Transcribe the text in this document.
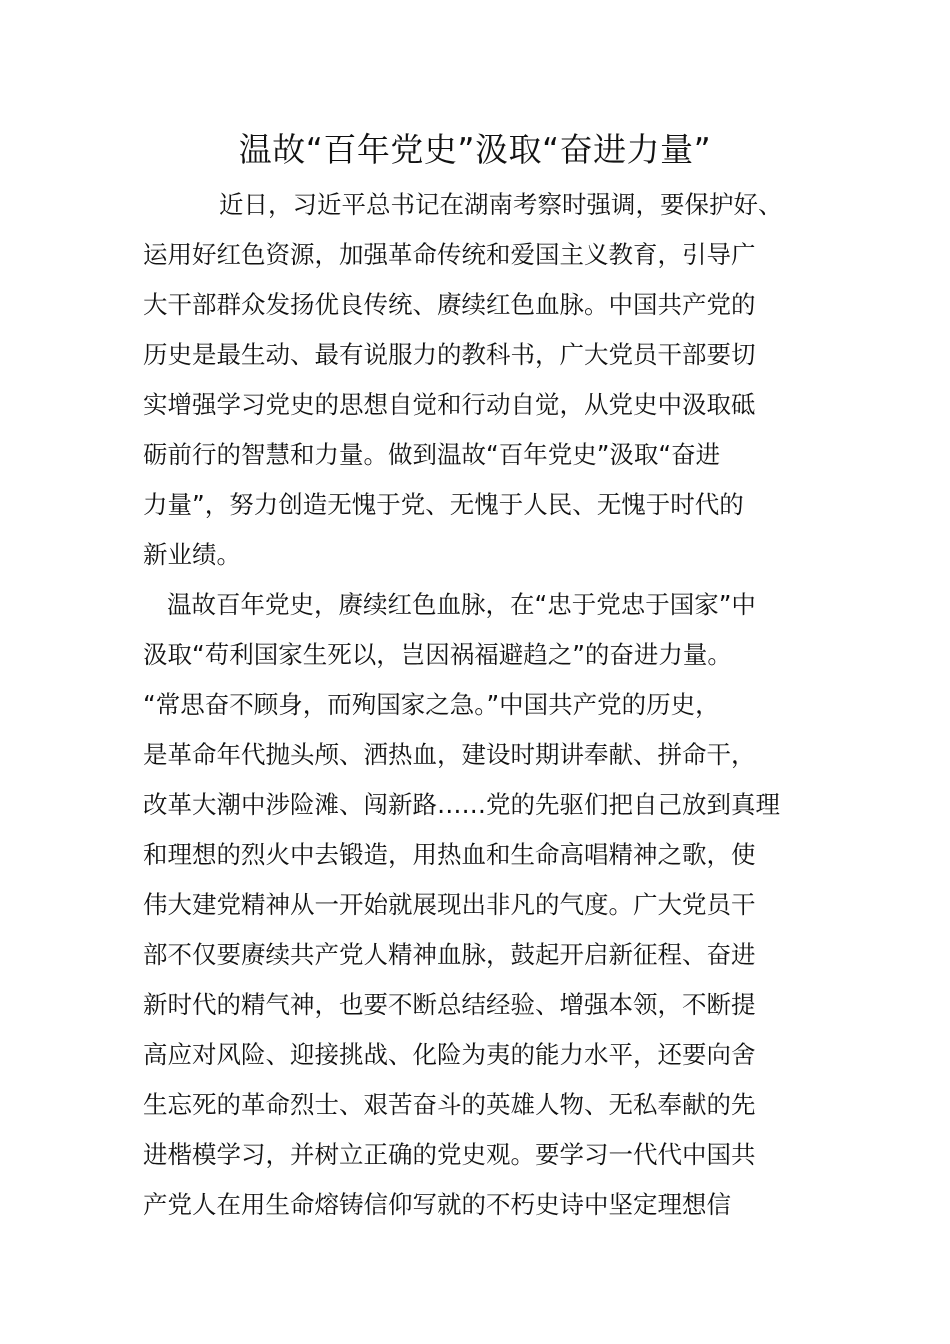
温故“百年党史”汲取“奋进力量”
近日，习近平总书记在湖南考察时强调，要保护好、
运用好红色资源，加强革命传统和爱国主义教育，引导广
大干部群众发扬优良传统、赓续红色血脉。中国共产党的
历史是最生动、最有说服力的教科书，广大党员干部要切
实增强学习党史的思想自觉和行动自觉，从党史中汲取砥
砺前行的智慧和力量。做到温故“百年党史”汲取“奋进
力量”，努力创造无愧于党、无愧于人民、无愧于时代的
新业绩。
温故百年党史，赓续红色血脉，在“忠于党忠于国家”中
汲取“苟利国家生死以，岂因祸福避趋之”的奋进力量。
“常思奋不顾身，而殉国家之急。”中国共产党的历史，
是革命年代抛头颅、洒热血，建设时期讲奉献、拼命干，
改革大潮中涉险滩、闯新路……党的先驱们把自己放到真理
和理想的烈火中去锻造，用热血和生命高唱精神之歌，使
伟大建党精神从一开始就展现出非凡的气度。广大党员干
部不仅要赓续共产党人精神血脉，鼓起开启新征程、奋进
新时代的精气神，也要不断总结经验、增强本领，不断提
高应对风险、迎接挑战、化险为夷的能力水平，还要向舍
生忘死的革命烈士、艰苦奋斗的英雄人物、无私奉献的先
进楷模学习，并树立正确的党史观。要学习一代代中国共
产党人在用生命熔铸信仰写就的不朽史诗中坚定理想信
